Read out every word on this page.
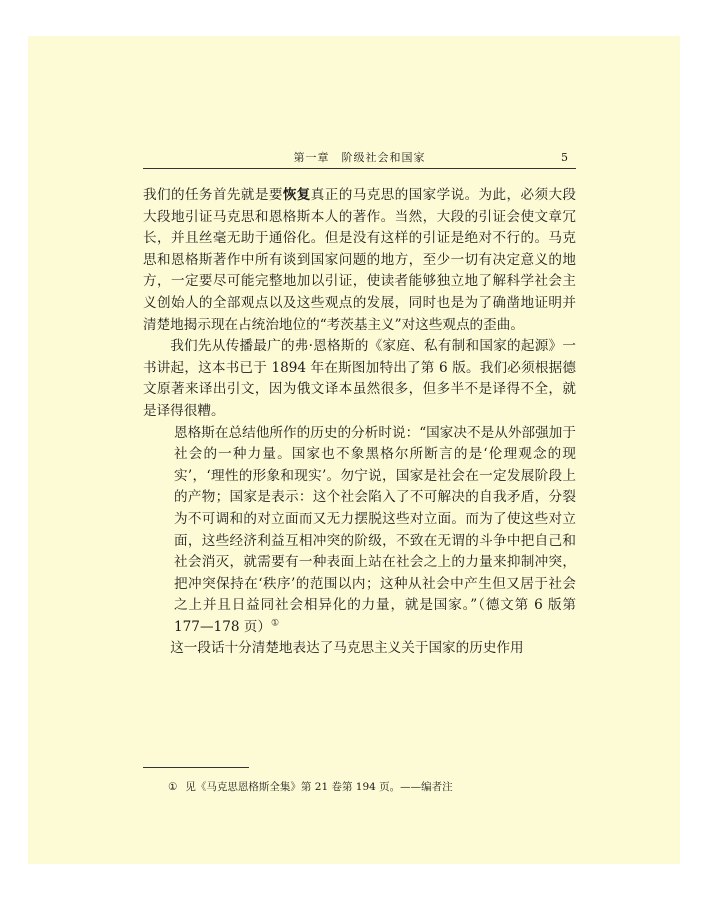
第一章　阶级社会和国家	5

我们的任务首先就是要恢复真正的马克思的国家学说。为此，必须大段大段地引证马克思和恩格斯本人的著作。当然，大段的引证会使文章冗长，并且丝毫无助于通俗化。但是没有这样的引证是绝对不行的。马克思和恩格斯著作中所有谈到国家问题的地方，至少一切有决定意义的地方，一定要尽可能完整地加以引证，使读者能够独立地了解科学社会主义创始人的全部观点以及这些观点的发展，同时也是为了确凿地证明并清楚地揭示现在占统治地位的“考茨基主义”对这些观点的歪曲。

我们先从传播最广的弗·恩格斯的《家庭、私有制和国家的起源》一书讲起，这本书已于 1894 年在斯图加特出了第 6 版。我们必须根据德文原著来译出引文，因为俄文译本虽然很多，但多半不是译得不全，就是译得很糟。

恩格斯在总结他所作的历史的分析时说：“国家决不是从外部强加于社会的一种力量。国家也不象黑格尔所断言的是‘伦理观念的现实’，‘理性的形象和现实’。勿宁说，国家是社会在一定发展阶段上的产物；国家是表示：这个社会陷入了不可解决的自我矛盾，分裂为不可调和的对立面而又无力摆脱这些对立面。而为了使这些对立面，这些经济利益互相冲突的阶级，不致在无谓的斗争中把自己和社会消灭，就需要有一种表面上站在社会之上的力量来抑制冲突，把冲突保持在‘秩序’的范围以内；这种从社会中产生但又居于社会之上并且日益同社会相异化的力量，就是国家。”（德文第 6 版第 177—178 页）①

这一段话十分清楚地表达了马克思主义关于国家的历史作用

① 见《马克思恩格斯全集》第 21 卷第 194 页。——编者注
